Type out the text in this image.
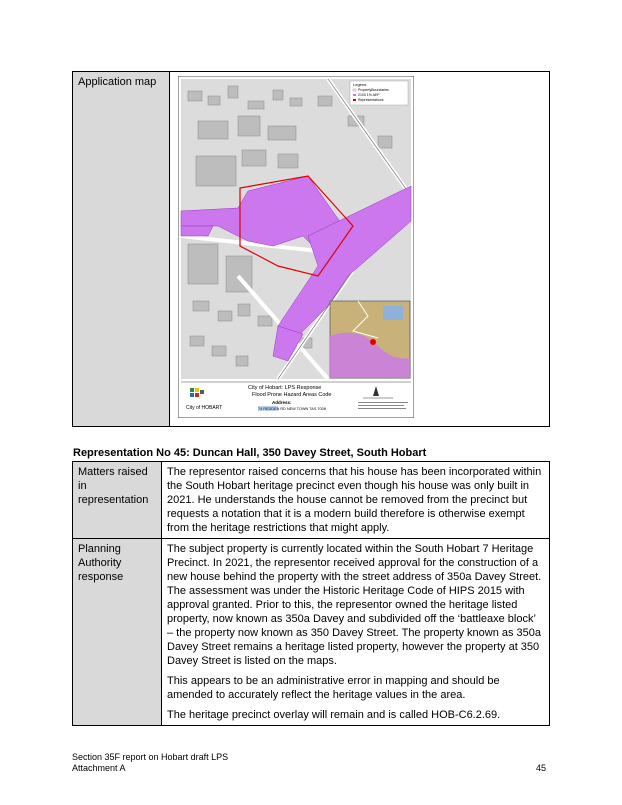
Application map	Legend
PropertyBoundaries
2100 1% AEP
Representations
City of HOBART
City of Hobart: LPS Response
Flood Prone Hazard Areas Code
Address:
74 REDDEN RD NEW TOWN TAS 7008
Representation No 45: Duncan Hall, 350 Davey Street, South Hobart
Matters raised in representation	The representor raised concerns that his house has been incorporated within the South Hobart heritage precinct even though his house was only built in 2021. He understands the house cannot be removed from the precinct but requests a notation that it is a modern build therefore is otherwise exempt from the heritage restrictions that might apply.

Planning Authority response	The subject property is currently located within the South Hobart 7 Heritage Precinct. In 2021, the representor received approval for the construction of a new house behind the property with the street address of 350a Davey Street. The assessment was under the Historic Heritage Code of HIPS 2015 with approval granted. Prior to this, the representor owned the heritage listed property, now known as 350a Davey and subdivided off the ‘battleaxe block’ – the property now known as 350 Davey Street. The property known as 350a Davey Street remains a heritage listed property, however the property at 350 Davey Street is listed on the maps.

This appears to be an administrative error in mapping and should be amended to accurately reflect the heritage values in the area.

The heritage precinct overlay will remain and is called HOB-C6.2.69.

Section 35F report on Hobart draft LPS
Attachment A	45
